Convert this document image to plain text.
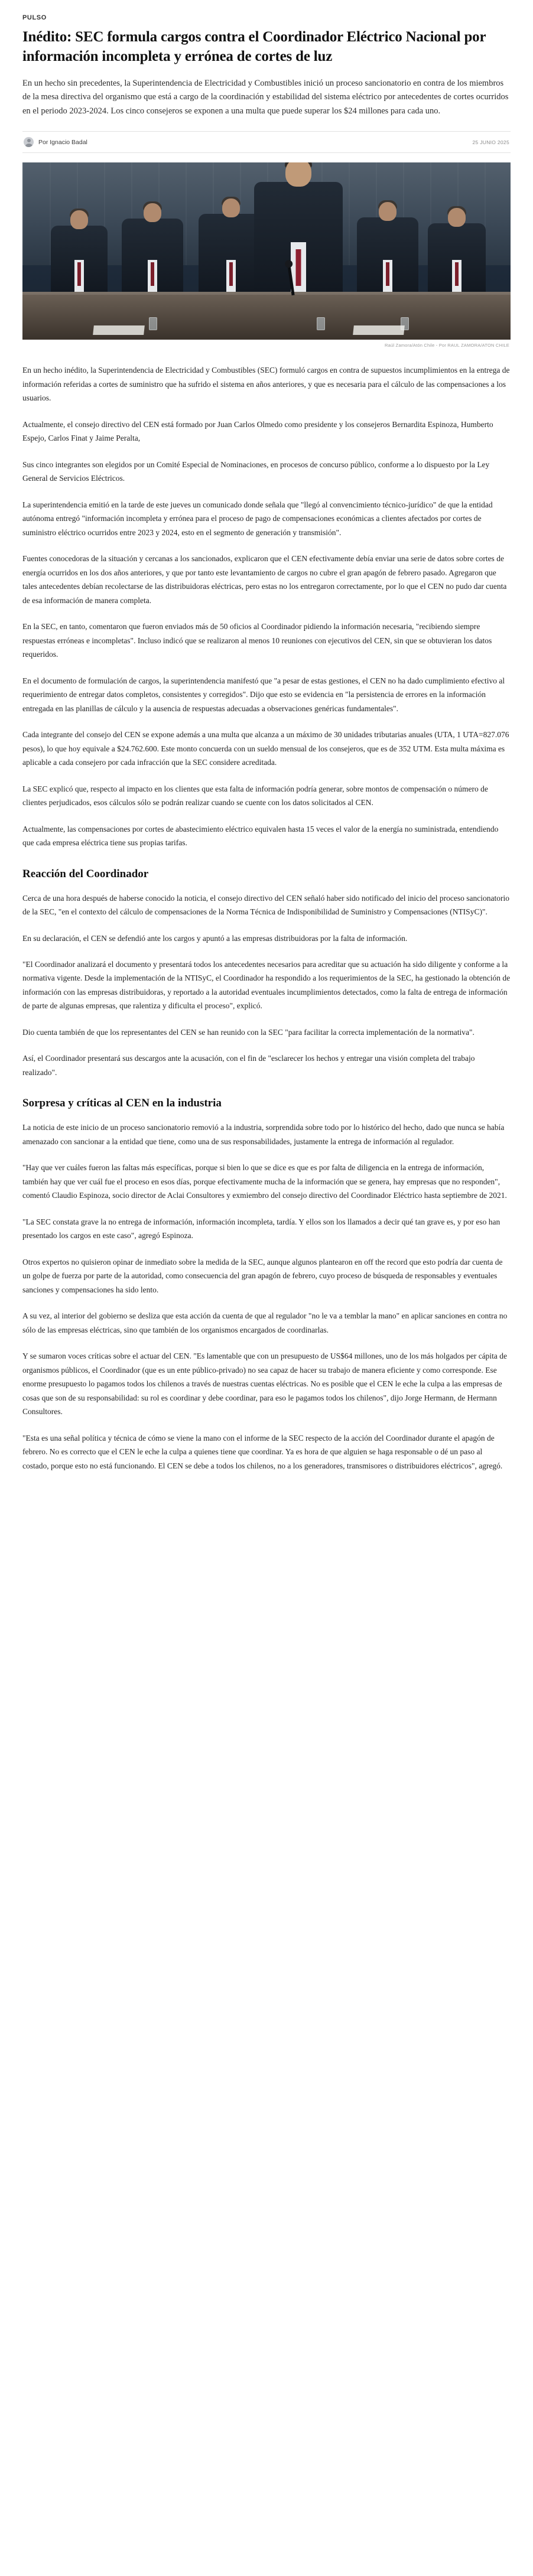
PULSO
Inédito: SEC formula cargos contra el Coordinador Eléctrico Nacional por información incompleta y errónea de cortes de luz

En un hecho sin precedentes, la Superintendencia de Electricidad y Combustibles inició un proceso sancionatorio en contra de los miembros de la mesa directiva del organismo que está a cargo de la coordinación y estabilidad del sistema eléctrico por antecedentes de cortes ocurridos en el periodo 2023-2024. Los cinco consejeros se exponen a una multa que puede superar los $24 millones para cada uno.

Por Ignacio Badal	25 JUNIO 2025
Raúl Zamora/Atón Chile - Por RAUL ZAMORA/ATON CHILE

En un hecho inédito, la Superintendencia de Electricidad y Combustibles (SEC) formuló cargos en contra de supuestos incumplimientos en la entrega de información referidas a cortes de suministro que ha sufrido el sistema en años anteriores, y que es necesaria para el cálculo de las compensaciones a los usuarios.

Actualmente, el consejo directivo del CEN está formado por Juan Carlos Olmedo como presidente y los consejeros Bernardita Espinoza, Humberto Espejo, Carlos Finat y Jaime Peralta,

Sus cinco integrantes son elegidos por un Comité Especial de Nominaciones, en procesos de concurso público, conforme a lo dispuesto por la Ley General de Servicios Eléctricos.

La superintendencia emitió en la tarde de este jueves un comunicado donde señala que "llegó al convencimiento técnico-jurídico" de que la entidad autónoma entregó "información incompleta y errónea para el proceso de pago de compensaciones económicas a clientes afectados por cortes de suministro eléctrico ocurridos entre 2023 y 2024, esto en el segmento de generación y transmisión".

Fuentes conocedoras de la situación y cercanas a los sancionados, explicaron que el CEN efectivamente debía enviar una serie de datos sobre cortes de energía ocurridos en los dos años anteriores, y que por tanto este levantamiento de cargos no cubre el gran apagón de febrero pasado. Agregaron que tales antecedentes debían recolectarse de las distribuidoras eléctricas, pero estas no los entregaron correctamente, por lo que el CEN no pudo dar cuenta de esa información de manera completa.

En la SEC, en tanto, comentaron que fueron enviados más de 50 oficios al Coordinador pidiendo la información necesaria, "recibiendo siempre respuestas erróneas e incompletas". Incluso indicó que se realizaron al menos 10 reuniones con ejecutivos del CEN, sin que se obtuvieran los datos requeridos.

En el documento de formulación de cargos, la superintendencia manifestó que "a pesar de estas gestiones, el CEN no ha dado cumplimiento efectivo al requerimiento de entregar datos completos, consistentes y corregidos". Dijo que esto se evidencia en "la persistencia de errores en la información entregada en las planillas de cálculo y la ausencia de respuestas adecuadas a observaciones genéricas fundamentales".

Cada integrante del consejo del CEN se expone además a una multa que alcanza a un máximo de 30 unidades tributarias anuales (UTA, 1 UTA=827.076 pesos), lo que hoy equivale a $24.762.600. Este monto concuerda con un sueldo mensual de los consejeros, que es de 352 UTM. Esta multa máxima es aplicable a cada consejero por cada infracción que la SEC considere acreditada.

La SEC explicó que, respecto al impacto en los clientes que esta falta de información podría generar, sobre montos de compensación o número de clientes perjudicados, esos cálculos sólo se podrán realizar cuando se cuente con los datos solicitados al CEN.

Actualmente, las compensaciones por cortes de abastecimiento eléctrico equivalen hasta 15 veces el valor de la energía no suministrada, entendiendo que cada empresa eléctrica tiene sus propias tarifas.

Reacción del Coordinador

Cerca de una hora después de haberse conocido la noticia, el consejo directivo del CEN señaló haber sido notificado del inicio del proceso sancionatorio de la SEC, "en el contexto del cálculo de compensaciones de la Norma Técnica de Indisponibilidad de Suministro y Compensaciones (NTISyC)".

En su declaración, el CEN se defendió ante los cargos y apuntó a las empresas distribuidoras por la falta de información.

"El Coordinador analizará el documento y presentará todos los antecedentes necesarios para acreditar que su actuación ha sido diligente y conforme a la normativa vigente. Desde la implementación de la NTISyC, el Coordinador ha respondido a los requerimientos de la SEC, ha gestionado la obtención de información con las empresas distribuidoras, y reportado a la autoridad eventuales incumplimientos detectados, como la falta de entrega de información de parte de algunas empresas, que ralentiza y dificulta el proceso", explicó.

Dio cuenta también de que los representantes del CEN se han reunido con la SEC "para facilitar la correcta implementación de la normativa".

Así, el Coordinador presentará sus descargos ante la acusación, con el fin de "esclarecer los hechos y entregar una visión completa del trabajo realizado".

Sorpresa y críticas al CEN en la industria

La noticia de este inicio de un proceso sancionatorio removió a la industria, sorprendida sobre todo por lo histórico del hecho, dado que nunca se había amenazado con sancionar a la entidad que tiene, como una de sus responsabilidades, justamente la entrega de información al regulador.

"Hay que ver cuáles fueron las faltas más específicas, porque si bien lo que se dice es que es por falta de diligencia en la entrega de información, también hay que ver cuál fue el proceso en esos días, porque efectivamente mucha de la información que se genera, hay empresas que no responden", comentó Claudio Espinoza, socio director de Aclai Consultores y exmiembro del consejo directivo del Coordinador Eléctrico hasta septiembre de 2021.

"La SEC constata grave la no entrega de información, información incompleta, tardía. Y ellos son los llamados a decir qué tan grave es, y por eso han presentado los cargos en este caso", agregó Espinoza.

Otros expertos no quisieron opinar de inmediato sobre la medida de la SEC, aunque algunos plantearon en off the record que esto podría dar cuenta de un golpe de fuerza por parte de la autoridad, como consecuencia del gran apagón de febrero, cuyo proceso de búsqueda de responsables y eventuales sanciones y compensaciones ha sido lento.

A su vez, al interior del gobierno se desliza que esta acción da cuenta de que al regulador "no le va a temblar la mano" en aplicar sanciones en contra no sólo de las empresas eléctricas, sino que también de los organismos encargados de coordinarlas.

Y se sumaron voces críticas sobre el actuar del CEN. "Es lamentable que con un presupuesto de US$64 millones, uno de los más holgados per cápita de organismos públicos, el Coordinador (que es un ente público-privado) no sea capaz de hacer su trabajo de manera eficiente y como corresponde. Ese enorme presupuesto lo pagamos todos los chilenos a través de nuestras cuentas eléctricas. No es posible que el CEN le eche la culpa a las empresas de cosas que son de su responsabilidad: su rol es coordinar y debe coordinar, para eso le pagamos todos los chilenos", dijo Jorge Hermann, de Hermann Consultores.

"Esta es una señal política y técnica de cómo se viene la mano con el informe de la SEC respecto de la acción del Coordinador durante el apagón de febrero. No es correcto que el CEN le eche la culpa a quienes tiene que coordinar. Ya es hora de que alguien se haga responsable o dé un paso al costado, porque esto no está funcionando. El CEN se debe a todos los chilenos, no a los generadores, transmisores o distribuidores eléctricos", agregó.
